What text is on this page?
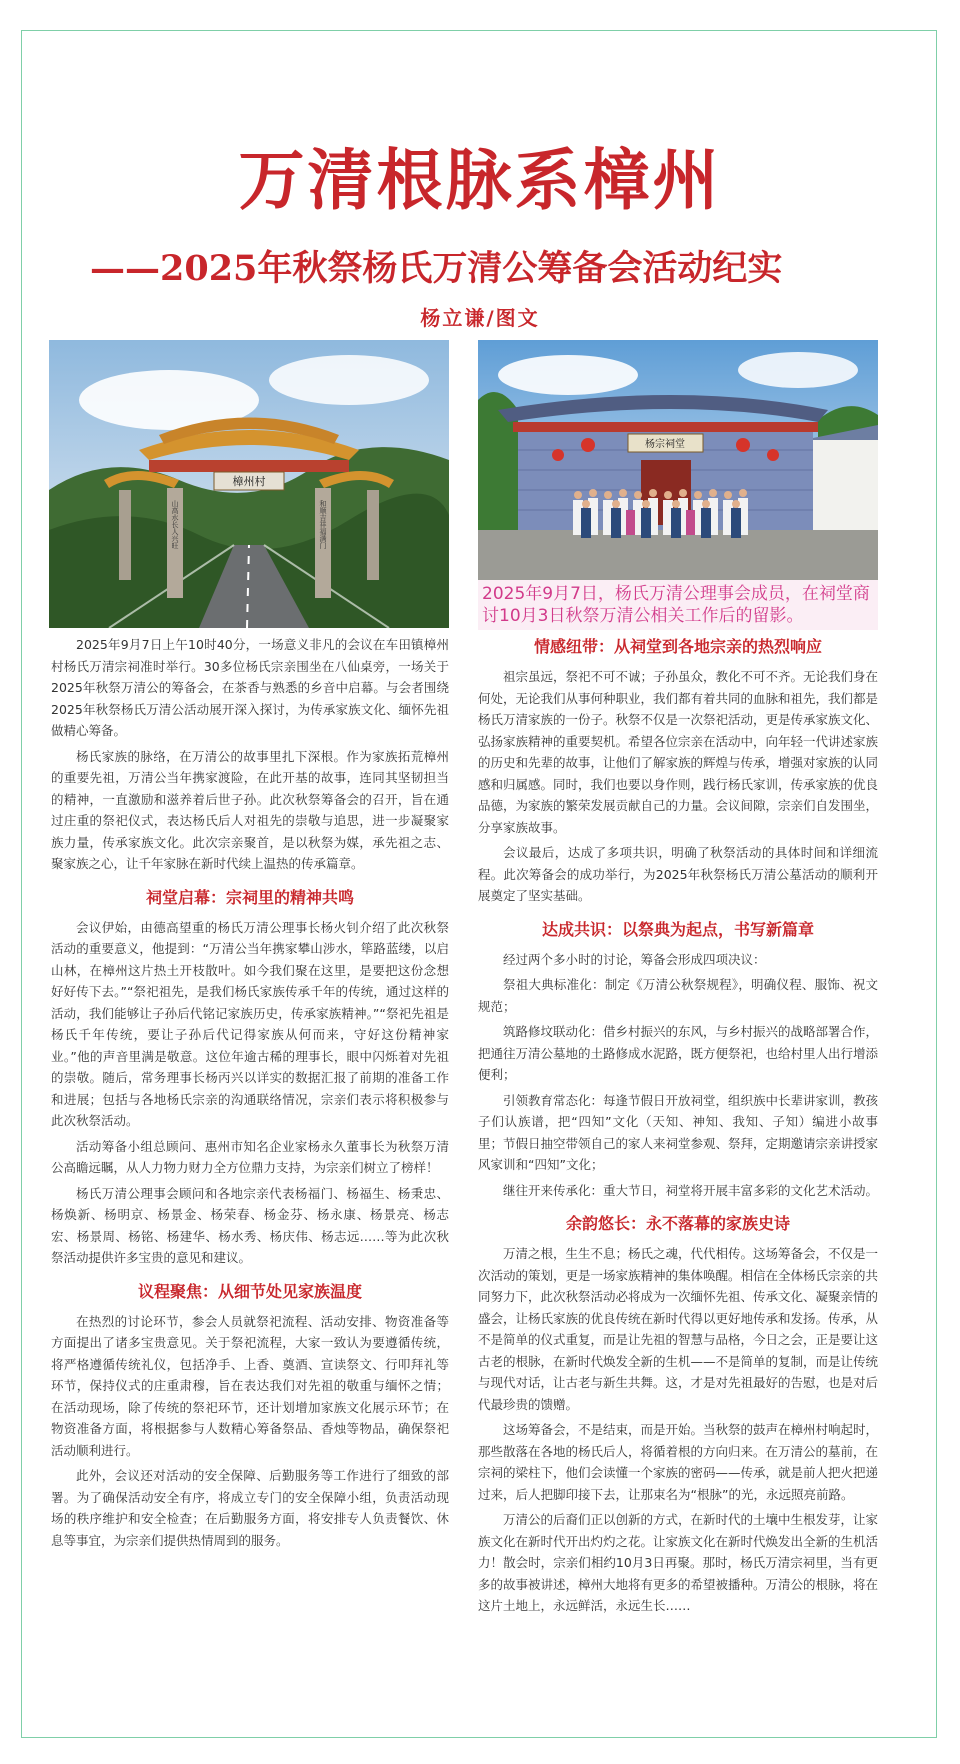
万清根脉系樟州
——2025年秋祭杨氏万清公筹备会活动纪实
杨立谦/图文
樟州村
山高水长人兴旺	和顺吉祥福满门
杨宗祠堂
2025年9月7日，杨氏万清公理事会成员，在祠堂商讨10月3日秋祭万清公相关工作后的留影。

2025年9月7日上午10时40分，一场意义非凡的会议在车田镇樟州村杨氏万清宗祠准时举行。30多位杨氏宗亲围坐在八仙桌旁，一场关于2025年秋祭万清公的筹备会，在茶香与熟悉的乡音中启幕。与会者围绕2025年秋祭杨氏万清公活动展开深入探讨，为传承家族文化、缅怀先祖做精心筹备。

杨氏家族的脉络，在万清公的故事里扎下深根。作为家族拓荒樟州的重要先祖，万清公当年携家渡险，在此开基的故事，连同其坚韧担当的精神，一直激励和滋养着后世子孙。此次秋祭筹备会的召开，旨在通过庄重的祭祀仪式，表达杨氏后人对祖先的崇敬与追思，进一步凝聚家族力量，传承家族文化。此次宗亲聚首，是以秋祭为媒，承先祖之志、聚家族之心，让千年家脉在新时代续上温热的传承篇章。

祠堂启幕：宗祠里的精神共鸣

会议伊始，由德高望重的杨氏万清公理事长杨火钊介绍了此次秋祭活动的重要意义，他提到：“万清公当年携家攀山涉水，筚路蓝缕，以启山林，在樟州这片热土开枝散叶。如今我们聚在这里，是要把这份念想好好传下去。”“祭祀祖先，是我们杨氏家族传承千年的传统，通过这样的活动，我们能够让子孙后代铭记家族历史，传承家族精神。”“祭祀先祖是杨氏千年传统，要让子孙后代记得家族从何而来，守好这份精神家业。”他的声音里满是敬意。这位年逾古稀的理事长，眼中闪烁着对先祖的崇敬。随后，常务理事长杨丙兴以详实的数据汇报了前期的准备工作和进展；包括与各地杨氏宗亲的沟通联络情况，宗亲们表示将积极参与此次秋祭活动。

活动筹备小组总顾问、惠州市知名企业家杨永久董事长为秋祭万清公高瞻远瞩，从人力物力财力全方位鼎力支持，为宗亲们树立了榜样！

杨氏万清公理事会顾问和各地宗亲代表杨福门、杨福生、杨秉忠、杨焕新、杨明京、杨景金、杨荣春、杨金芬、杨永康、杨景亮、杨志宏、杨景周、杨铭、杨建华、杨水秀、杨庆伟、杨志远……等为此次秋祭活动提供许多宝贵的意见和建议。

议程聚焦：从细节处见家族温度

在热烈的讨论环节，参会人员就祭祀流程、活动安排、物资准备等方面提出了诸多宝贵意见。关于祭祀流程，大家一致认为要遵循传统，将严格遵循传统礼仪，包括净手、上香、奠酒、宣读祭文、行叩拜礼等环节，保持仪式的庄重肃穆，旨在表达我们对先祖的敬重与缅怀之情；在活动现场，除了传统的祭祀环节，还计划增加家族文化展示环节；在物资准备方面，将根据参与人数精心筹备祭品、香烛等物品，确保祭祀活动顺利进行。

此外，会议还对活动的安全保障、后勤服务等工作进行了细致的部署。为了确保活动安全有序，将成立专门的安全保障小组，负责活动现场的秩序维护和安全检查；在后勤服务方面，将安排专人负责餐饮、休息等事宜，为宗亲们提供热情周到的服务。

情感纽带：从祠堂到各地宗亲的热烈响应

祖宗虽远，祭祀不可不诚；子孙虽众，教化不可不齐。无论我们身在何处，无论我们从事何种职业，我们都有着共同的血脉和祖先，我们都是杨氏万清家族的一份子。秋祭不仅是一次祭祀活动，更是传承家族文化、弘扬家族精神的重要契机。希望各位宗亲在活动中，向年轻一代讲述家族的历史和先辈的故事，让他们了解家族的辉煌与传承，增强对家族的认同感和归属感。同时，我们也要以身作则，践行杨氏家训，传承家族的优良品德，为家族的繁荣发展贡献自己的力量。会议间隙，宗亲们自发围坐，分享家族故事。

会议最后，达成了多项共识，明确了秋祭活动的具体时间和详细流程。此次筹备会的成功举行，为2025年秋祭杨氏万清公墓活动的顺利开展奠定了坚实基础。

达成共识：以祭典为起点，书写新篇章

经过两个多小时的讨论，筹备会形成四项决议：

祭祖大典标准化：制定《万清公秋祭规程》，明确仪程、服饰、祝文规范；

筑路修坟联动化：借乡村振兴的东风，与乡村振兴的战略部署合作，把通往万清公墓地的土路修成水泥路，既方便祭祀，也给村里人出行增添便利；

引领教育常态化：每逢节假日开放祠堂，组织族中长辈讲家训，教孩子们认族谱，把“四知”文化（天知、神知、我知、子知）编进小故事里；节假日抽空带领自己的家人来祠堂参观、祭拜，定期邀请宗亲讲授家风家训和“四知”文化；

继往开来传承化：重大节日，祠堂将开展丰富多彩的文化艺术活动。

余韵悠长：永不落幕的家族史诗

万清之根，生生不息；杨氏之魂，代代相传。这场筹备会，不仅是一次活动的策划，更是一场家族精神的集体唤醒。相信在全体杨氏宗亲的共同努力下，此次秋祭活动必将成为一次缅怀先祖、传承文化、凝聚亲情的盛会，让杨氏家族的优良传统在新时代得以更好地传承和发扬。传承，从不是简单的仪式重复，而是让先祖的智慧与品格，今日之会，正是要让这古老的根脉，在新时代焕发全新的生机——不是简单的复制，而是让传统与现代对话，让古老与新生共舞。这，才是对先祖最好的告慰，也是对后代最珍贵的馈赠。

这场筹备会，不是结束，而是开始。当秋祭的鼓声在樟州村响起时，那些散落在各地的杨氏后人，将循着根的方向归来。在万清公的墓前，在宗祠的梁柱下，他们会读懂一个家族的密码——传承，就是前人把火把递过来，后人把脚印接下去，让那束名为“根脉”的光，永远照亮前路。

万清公的后裔们正以创新的方式，在新时代的土壤中生根发芽，让家族文化在新时代开出灼灼之花。让家族文化在新时代焕发出全新的生机活力！散会时，宗亲们相约10月3日再聚。那时，杨氏万清宗祠里，当有更多的故事被讲述，樟州大地将有更多的希望被播种。万清公的根脉，将在这片土地上，永远鲜活，永远生长……
